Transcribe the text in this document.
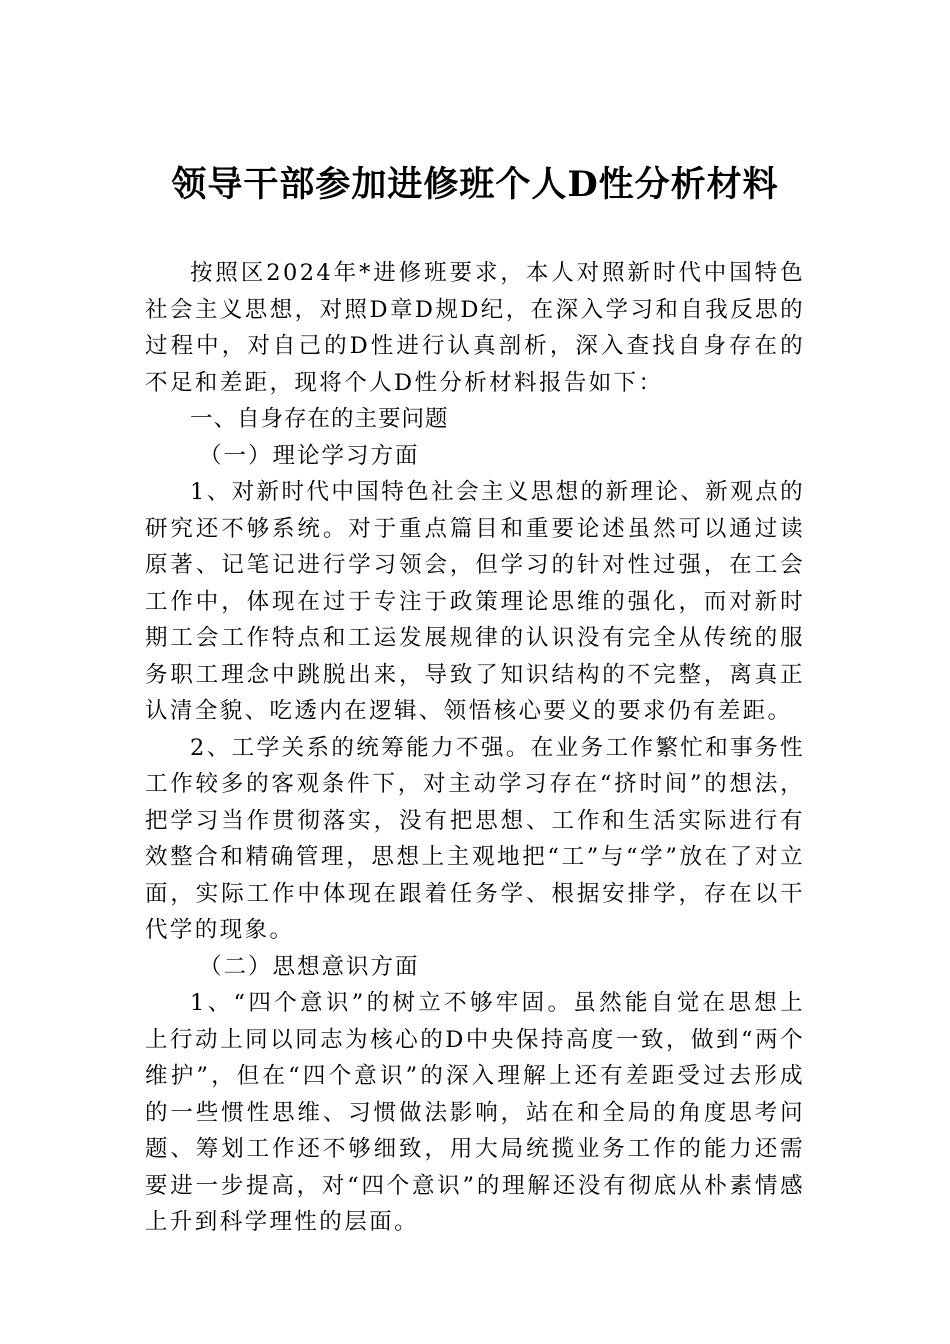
领导干部参加进修班个人D性分析材料

按照区2024年*进修班要求，本人对照新时代中国特色社会主义思想，对照D章D规D纪，在深入学习和自我反思的过程中，对自己的D性进行认真剖析，深入查找自身存在的不足和差距，现将个人D性分析材料报告如下：

一、自身存在的主要问题

（一）理论学习方面

1、对新时代中国特色社会主义思想的新理论、新观点的研究还不够系统。对于重点篇目和重要论述虽然可以通过读原著、记笔记进行学习领会，但学习的针对性过强，在工会工作中，体现在过于专注于政策理论思维的强化，而对新时期工会工作特点和工运发展规律的认识没有完全从传统的服务职工理念中跳脱出来，导致了知识结构的不完整，离真正认清全貌、吃透内在逻辑、领悟核心要义的要求仍有差距。

2、工学关系的统筹能力不强。在业务工作繁忙和事务性工作较多的客观条件下，对主动学习存在“挤时间”的想法，把学习当作贯彻落实，没有把思想、工作和生活实际进行有效整合和精确管理，思想上主观地把“工”与“学”放在了对立面，实际工作中体现在跟着任务学、根据安排学，存在以干代学的现象。

（二）思想意识方面

1、“四个意识”的树立不够牢固。虽然能自觉在思想上上行动上同以同志为核心的D中央保持高度一致，做到“两个维护”，但在“四个意识”的深入理解上还有差距受过去形成的一些惯性思维、习惯做法影响，站在和全局的角度思考问题、筹划工作还不够细致，用大局统揽业务工作的能力还需要进一步提高，对“四个意识”的理解还没有彻底从朴素情感上升到科学理性的层面。
